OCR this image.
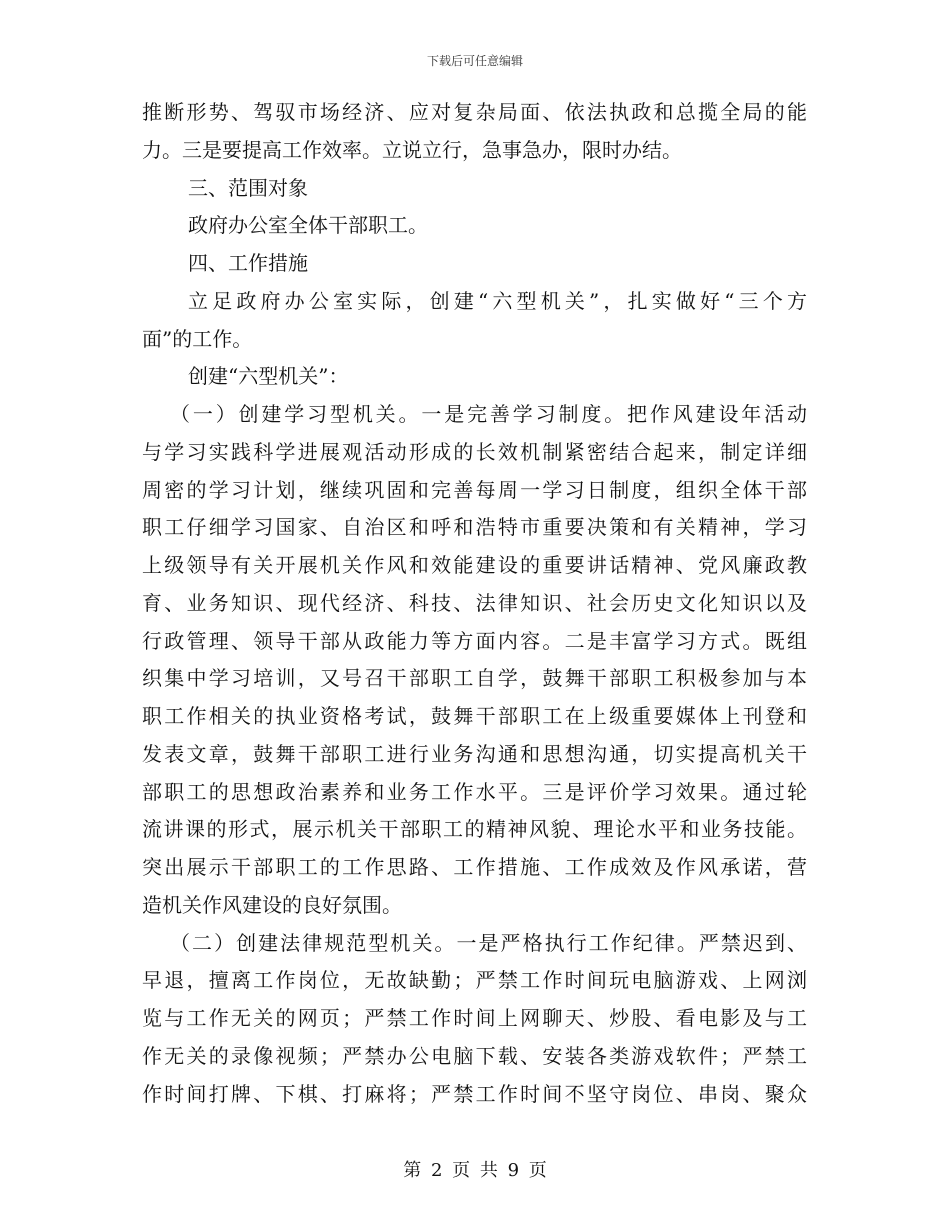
下载后可任意编辑
推断形势、驾驭市场经济、应对复杂局面、依法执政和总揽全局的能
力。三是要提高工作效率。立说立行，急事急办，限时办结。
三、范围对象
政府办公室全体干部职工。
四、工作措施
立足政府办公室实际，创建“六型机关”，扎实做好“三个方
面”的工作。
创建“六型机关”：
（一）创建学习型机关。一是完善学习制度。把作风建设年活动
与学习实践科学进展观活动形成的长效机制紧密结合起来，制定详细
周密的学习计划，继续巩固和完善每周一学习日制度，组织全体干部
职工仔细学习国家、自治区和呼和浩特市重要决策和有关精神，学习
上级领导有关开展机关作风和效能建设的重要讲话精神、党风廉政教
育、业务知识、现代经济、科技、法律知识、社会历史文化知识以及
行政管理、领导干部从政能力等方面内容。二是丰富学习方式。既组
织集中学习培训，又号召干部职工自学，鼓舞干部职工积极参加与本
职工作相关的执业资格考试，鼓舞干部职工在上级重要媒体上刊登和
发表文章，鼓舞干部职工进行业务沟通和思想沟通，切实提高机关干
部职工的思想政治素养和业务工作水平。三是评价学习效果。通过轮
流讲课的形式，展示机关干部职工的精神风貌、理论水平和业务技能。
突出展示干部职工的工作思路、工作措施、工作成效及作风承诺，营
造机关作风建设的良好氛围。
（二）创建法律规范型机关。一是严格执行工作纪律。严禁迟到、
早退，擅离工作岗位，无故缺勤；严禁工作时间玩电脑游戏、上网浏
览与工作无关的网页；严禁工作时间上网聊天、炒股、看电影及与工
作无关的录像视频；严禁办公电脑下载、安装各类游戏软件；严禁工
作时间打牌、下棋、打麻将；严禁工作时间不坚守岗位、串岗、聚众
第 2 页 共 9 页
